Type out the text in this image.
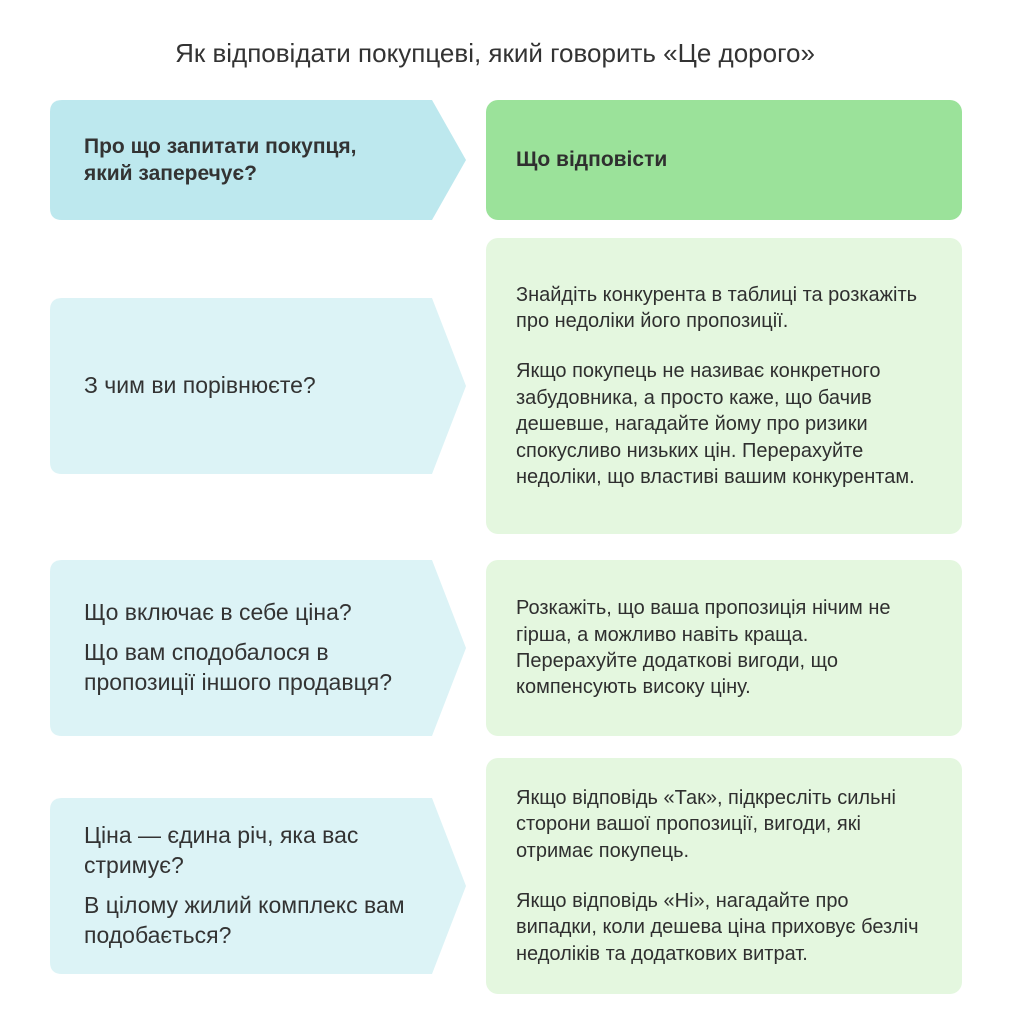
Як відповідати покупцеві, який говорить «Це дорого»

Про що запитати покупця,

який заперечує?

Що відповісти

З чим ви порівнюєте?

Знайдіть конкурента в таблиці та розкажіть про недоліки його пропозиції.

Якщо покупець не називає конкретного забудовника, а просто каже, що бачив дешевше, нагадайте йому про ризики спокусливо низьких цін. Перерахуйте недоліки, що властиві вашим конкурентам.

Що включає в себе ціна?

Що вам сподобалося в пропозиції іншого продавця?

Розкажіть, що ваша пропозиція нічим не гірша, а можливо навіть краща. Перерахуйте додаткові вигоди, що компенсують високу ціну.

Ціна — єдина річ, яка вас стримує?

В цілому жилий комплекс вам подобається?

Якщо відповідь «Так», підкресліть сильні сторони вашої пропозиції, вигоди, які отримає покупець.

Якщо відповідь «Ні», нагадайте про випадки, коли дешева ціна приховує безліч недоліків та додаткових витрат.
